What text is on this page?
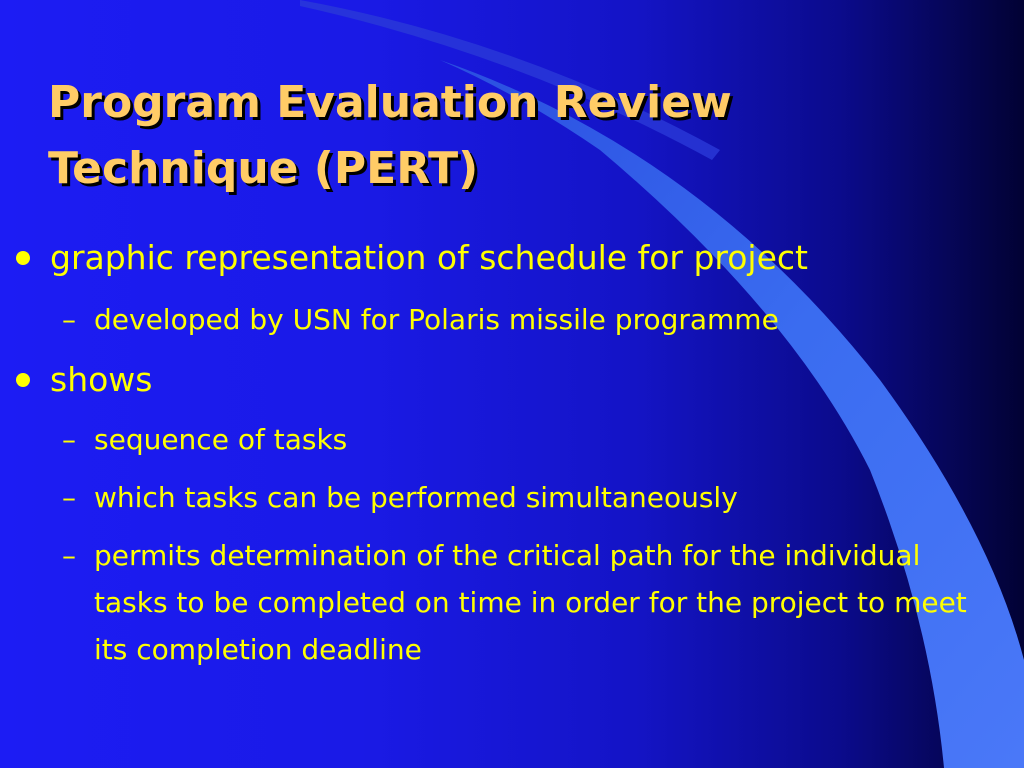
Program Evaluation Review
Technique (PERT)
graphic representation of schedule for project
– developed by USN for Polaris missile programme
shows
– sequence of tasks
– which tasks can be performed simultaneously
– permits determination of the critical path for the individual tasks to be completed on time in order for the project to meet its completion deadline
